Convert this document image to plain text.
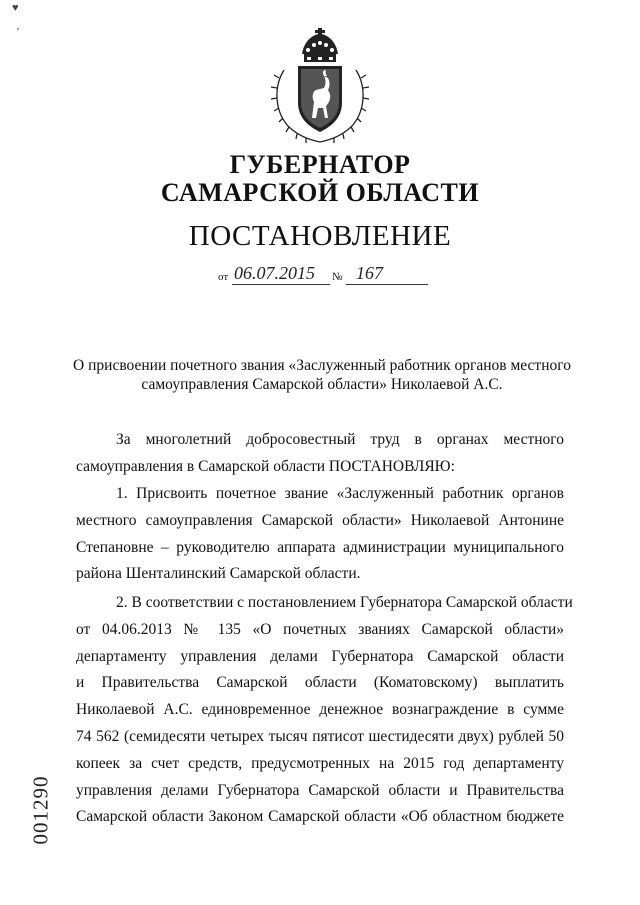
♥
’
ГУБЕРНАТОР
САМАРСКОЙ ОБЛАСТИ
ПОСТАНОВЛЕНИЕ
от 06.07.2015 № 167
О присвоении почетного звания «Заслуженный работник органов местного
самоуправления Самарской области» Николаевой А.С.
За многолетний добросовестный труд в органах местного
самоуправления в Самарской области ПОСТАНОВЛЯЮ:
1. Присвоить почетное звание «Заслуженный работник органов
местного самоуправления Самарской области» Николаевой Антонине
Степановне – руководителю аппарата администрации муниципального
района Шенталинский Самарской области.
2. В соответствии с постановлением Губернатора Самарской области
от 04.06.2013 № 135 «О почетных званиях Самарской области»
департаменту управления делами Губернатора Самарской области
и Правительства Самарской области (Коматовскому) выплатить
Николаевой А.С. единовременное денежное вознаграждение в сумме
74 562 (семидесяти четырех тысяч пятисот шестидесяти двух) рублей 50
копеек за счет средств, предусмотренных на 2015 год департаменту
управления делами Губернатора Самарской области и Правительства
Самарской области Законом Самарской области «Об областном бюджете
001290
